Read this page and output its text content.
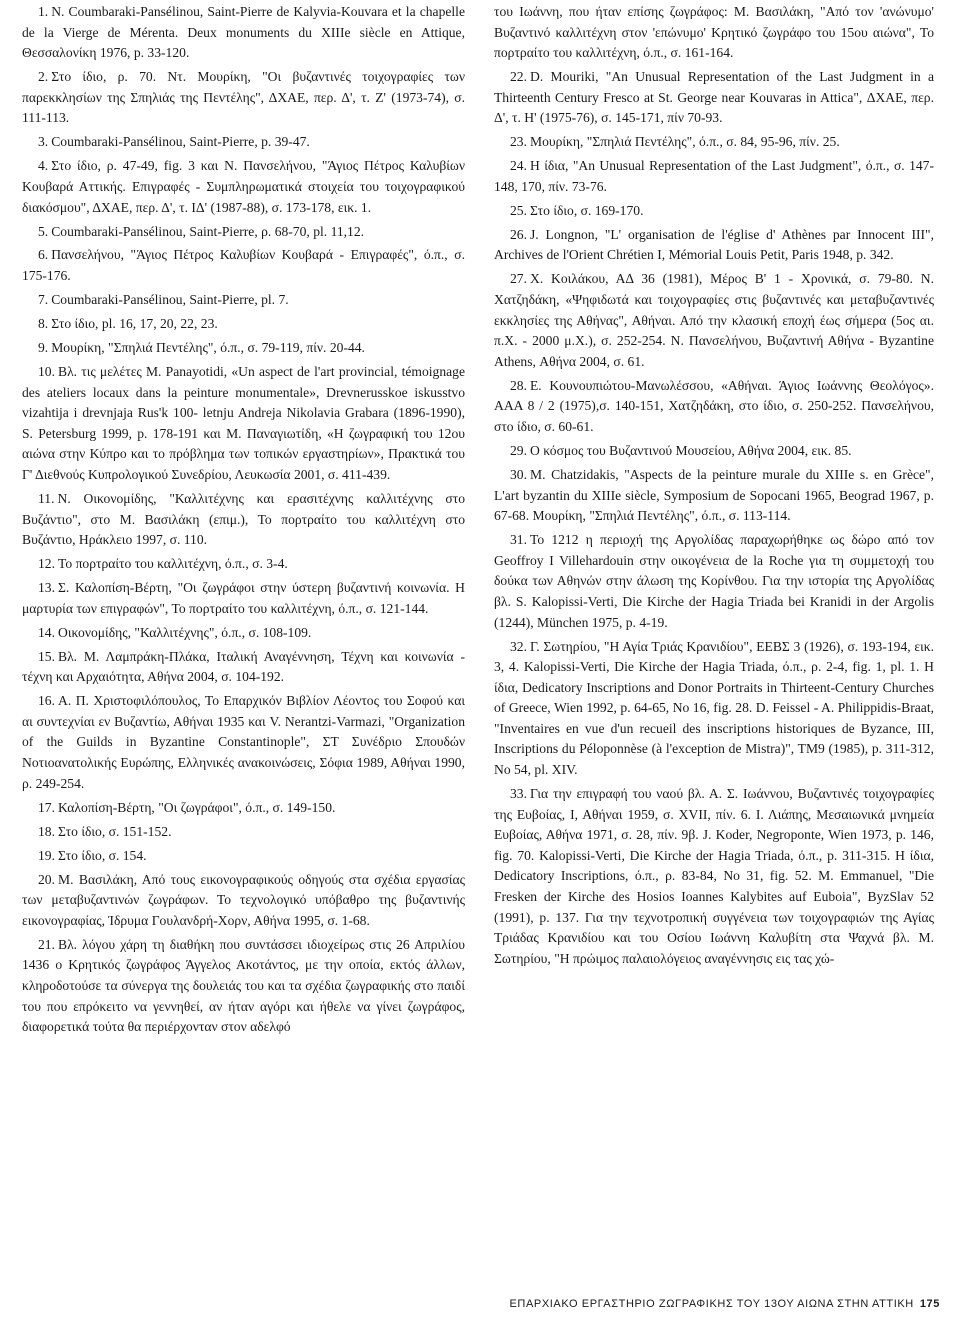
1. N. Coumbaraki-Pansélinou, Saint-Pierre de Kalyvia-Kouvara et la chapelle de la Vierge de Mérenta. Deux monuments du XIIIe siècle en Attique, Θεσσαλονίκη 1976, p. 33-120.

2. Στο ίδιο, ρ. 70. Ντ. Μουρίκη, "Οι βυζαντινές τοιχογραφίες των παρεκκλησίων της Σπηλιάς της Πεντέλης", ΔΧΑΕ, περ. Δ', τ. Ζ' (1973-74), σ. 111-113.

3. Coumbaraki-Pansélinou, Saint-Pierre, p. 39-47.

4. Στο ίδιο, ρ. 47-49, fig. 3 και Ν. Πανσελήνου, "Άγιος Πέτρος Καλυβίων Κουβαρά Αττικής. Επιγραφές - Συμπληρωματικά στοιχεία του τοιχογραφικού διακόσμου", ΔΧΑΕ, περ. Δ', τ. ΙΔ' (1987-88), σ. 173-178, εικ. 1.

5. Coumbaraki-Pansélinou, Saint-Pierre, ρ. 68-70, pl. 11,12.

6. Πανσελήνου, "Άγιος Πέτρος Καλυβίων Κουβαρά - Επιγραφές", ό.π., σ. 175-176.

7. Coumbaraki-Pansélinou, Saint-Pierre, pl. 7.

8. Στο ίδιο, pl. 16, 17, 20, 22, 23.

9. Μουρίκη, "Σπηλιά Πεντέλης", ό.π., σ. 79-119, πίν. 20-44.

10. Βλ. τις μελέτες Μ. Panayotidi, «Un aspect de l'art provincial, témoignage des ateliers locaux dans la peinture monumentale», Drevnerusskoe iskusstvo vizahtija i drevnjaja Rus'k 100- letnju Andreja Nikolavia Grabara (1896-1990), S. Petersburg 1999, p. 178-191 και Μ. Παναγιωτίδη, «Η ζωγραφική του 12ου αιώνα στην Κύπρο και το πρόβλημα των τοπικών εργαστηρίων», Πρακτικά του Γ' Διεθνούς Κυπρολογικού Συνεδρίου, Λευκωσία 2001, σ. 411-439.

11. Ν. Οικονομίδης, "Καλλιτέχνης και ερασιτέχνης καλλιτέχνης στο Βυζάντιο", στο Μ. Βασιλάκη (επιμ.), Το πορτραίτο του καλλιτέχνη στο Βυζάντιο, Ηράκλειο 1997, σ. 110.

12. Το πορτραίτο του καλλιτέχνη, ό.π., σ. 3-4.

13. Σ. Καλοπίση-Βέρτη, "Οι ζωγράφοι στην ύστερη βυζαντινή κοινωνία. Η μαρτυρία των επιγραφών", Το πορτραίτο του καλλιτέχνη, ό.π., σ. 121-144.

14. Οικονομίδης, "Καλλιτέχνης", ό.π., σ. 108-109.

15. Βλ. Μ. Λαμπράκη-Πλάκα, Ιταλική Αναγέννηση, Τέχνη και κοινωνία - τέχνη και Αρχαιότητα, Αθήνα 2004, σ. 104-192.

16. Α. Π. Χριστοφιλόπουλος, Το Επαρχικόν Βιβλίον Λέοντος του Σοφού και αι συντεχνίαι εν Βυζαντίω, Αθήναι 1935 και V. Nerantzi-Varmazi, "Organization of the Guilds in Byzantine Constantinople", ΣΤ Συνέδριο Σπουδών Νοτιοανατολικής Ευρώπης, Ελληνικές ανακοινώσεις, Σόφια 1989, Αθήναι 1990, ρ. 249-254.

17. Καλοπίση-Βέρτη, "Οι ζωγράφοι", ό.π., σ. 149-150.

18. Στο ίδιο, σ. 151-152.

19. Στο ίδιο, σ. 154.

20. Μ. Βασιλάκη, Από τους εικονογραφικούς οδηγούς στα σχέδια εργασίας των μεταβυζαντινών ζωγράφων. Το τεχνολογικό υπόβαθρο της βυζαντινής εικονογραφίας, Ίδρυμα Γουλανδρή-Χορν, Αθήνα 1995, σ. 1-68.

21. Βλ. λόγου χάρη τη διαθήκη που συντάσσει ιδιοχείρως στις 26 Απριλίου 1436 ο Κρητικός ζωγράφος Άγγελος Ακοτάντος, με την οποία, εκτός άλλων, κληροδοτούσε τα σύνεργα της δουλειάς του και τα σχέδια ζωγραφικής στο παιδί του που επρόκειτο να γεννηθεί, αν ήταν αγόρι και ήθελε να γίνει ζωγράφος, διαφορετικά τούτα θα περιέρχονταν στον αδελφό

του Ιωάννη, που ήταν επίσης ζωγράφος: Μ. Βασιλάκη, "Από τον 'ανώνυμο' Βυζαντινό καλλιτέχνη στον 'επώνυμο' Κρητικό ζωγράφο του 15ου αιώνα", Το πορτραίτο του καλλιτέχνη, ό.π., σ. 161-164.

22. D. Mouriki, "An Unusual Representation of the Last Judgment in a Thirteenth Century Fresco at St. George near Kouvaras in Attica", ΔΧΑΕ, περ. Δ', τ. Η' (1975-76), σ. 145-171, πίν 70-93.

23. Μουρίκη, "Σπηλιά Πεντέλης", ό.π., σ. 84, 95-96, πίν. 25.

24. Η ίδια, "An Unusual Representation of the Last Judgment", ό.π., σ. 147-148, 170, πίν. 73-76.

25. Στο ίδιο, σ. 169-170.

26. J. Longnon, "L' organisation de l'église d' Athènes par Innocent III", Archives de l'Orient Chrétien I, Mémorial Louis Petit, Paris 1948, p. 342.

27. Χ. Κοιλάκου, ΑΔ 36 (1981), Μέρος Β' 1 - Χρονικά, σ. 79-80. Ν. Χατζηδάκη, «Ψηφιδωτά και τοιχογραφίες στις βυζαντινές και μεταβυζαντινές εκκλησίες της Αθήνας", Αθήναι. Από την κλασική εποχή έως σήμερα (5ος αι. π.Χ. - 2000 μ.Χ.), σ. 252-254. Ν. Πανσελήνου, Βυζαντινή Αθήνα - Byzantine Athens, Αθήνα 2004, σ. 61.

28. Ε. Κουνουπιώτου-Μανωλέσσου, «Αθήναι. Άγιος Ιωάννης Θεολόγος». ΑΑΑ 8 / 2 (1975),σ. 140-151, Χατζηδάκη, στο ίδιο, σ. 250-252. Πανσελήνου, στο ίδιο, σ. 60-61.

29. Ο κόσμος του Βυζαντινού Μουσείου, Αθήνα 2004, εικ. 85.

30. Μ. Chatzidakis, "Aspects de la peinture murale du XIIIe s. en Grèce", L'art byzantin du XIIIe siècle, Symposium de Sopocani 1965, Beograd 1967, p. 67-68. Μουρίκη, "Σπηλιά Πεντέλης", ό.π., σ. 113-114.

31. Το 1212 η περιοχή της Αργολίδας παραχωρήθηκε ως δώρο από τον Geoffroy I Villehardouin στην οικογένεια de la Roche για τη συμμετοχή του δούκα των Αθηνών στην άλωση της Κορίνθου. Για την ιστορία της Αργολίδας βλ. S. Kalopissi-Verti, Die Kirche der Hagia Triada bei Kranidi in der Argolis (1244), München 1975, p. 4-19.

32. Γ. Σωτηρίου, "Η Αγία Τριάς Κρανιδίου", ΕΕΒΣ 3 (1926), σ. 193-194, εικ. 3, 4. Kalopissi-Verti, Die Kirche der Hagia Triada, ό.π., ρ. 2-4, fig. 1, pl. 1. Η ίδια, Dedicatory Inscriptions and Donor Portraits in Thirteent-Century Churches of Greece, Wien 1992, p. 64-65, No 16, fig. 28. D. Feissel - A. Philippidis-Braat, "Inventaires en vue d'un recueil des inscriptions historiques de Byzance, III, Inscriptions du Péloponnèse (à l'exception de Mistra)", TM9 (1985), p. 311-312, No 54, pl. XIV.

33. Για την επιγραφή του ναού βλ. Α. Σ. Ιωάννου, Βυζαντινές τοιχογραφίες της Ευβοίας, Ι, Αθήναι 1959, σ. XVII, πίν. 6. Ι. Λιάπης, Μεσαιωνικά μνημεία Ευβοίας, Αθήνα 1971, σ. 28, πίν. 9β. J. Koder, Negroponte, Wien 1973, p. 146, fig. 70. Kalopissi-Verti, Die Kirche der Hagia Triada, ό.π., p. 311-315. Η ίδια, Dedicatory Inscriptions, ό.π., ρ. 83-84, Νο 31, fig. 52. M. Emmanuel, "Die Fresken der Kirche des Hosios Ioannes Kalybites auf Euboia", ByzSlav 52 (1991), p. 137. Για την τεχνοτροπική συγγένεια των τοιχογραφιών της Αγίας Τριάδας Κρανιδίου και του Οσίου Ιωάννη Καλυβίτη στα Ψαχνά βλ. Μ. Σωτηρίου, "Η πρώιμος παλαιολόγειος αναγέννησις εις τας χώ-

ΕΠΑΡΧΙΑΚΟ ΕΡΓΑΣΤΗΡΙΟ ΖΩΓΡΑΦΙΚΗΣ ΤΟΥ 13ΟΥ ΑΙΩΝΑ ΣΤΗΝ ΑΤΤΙΚΗ 175
